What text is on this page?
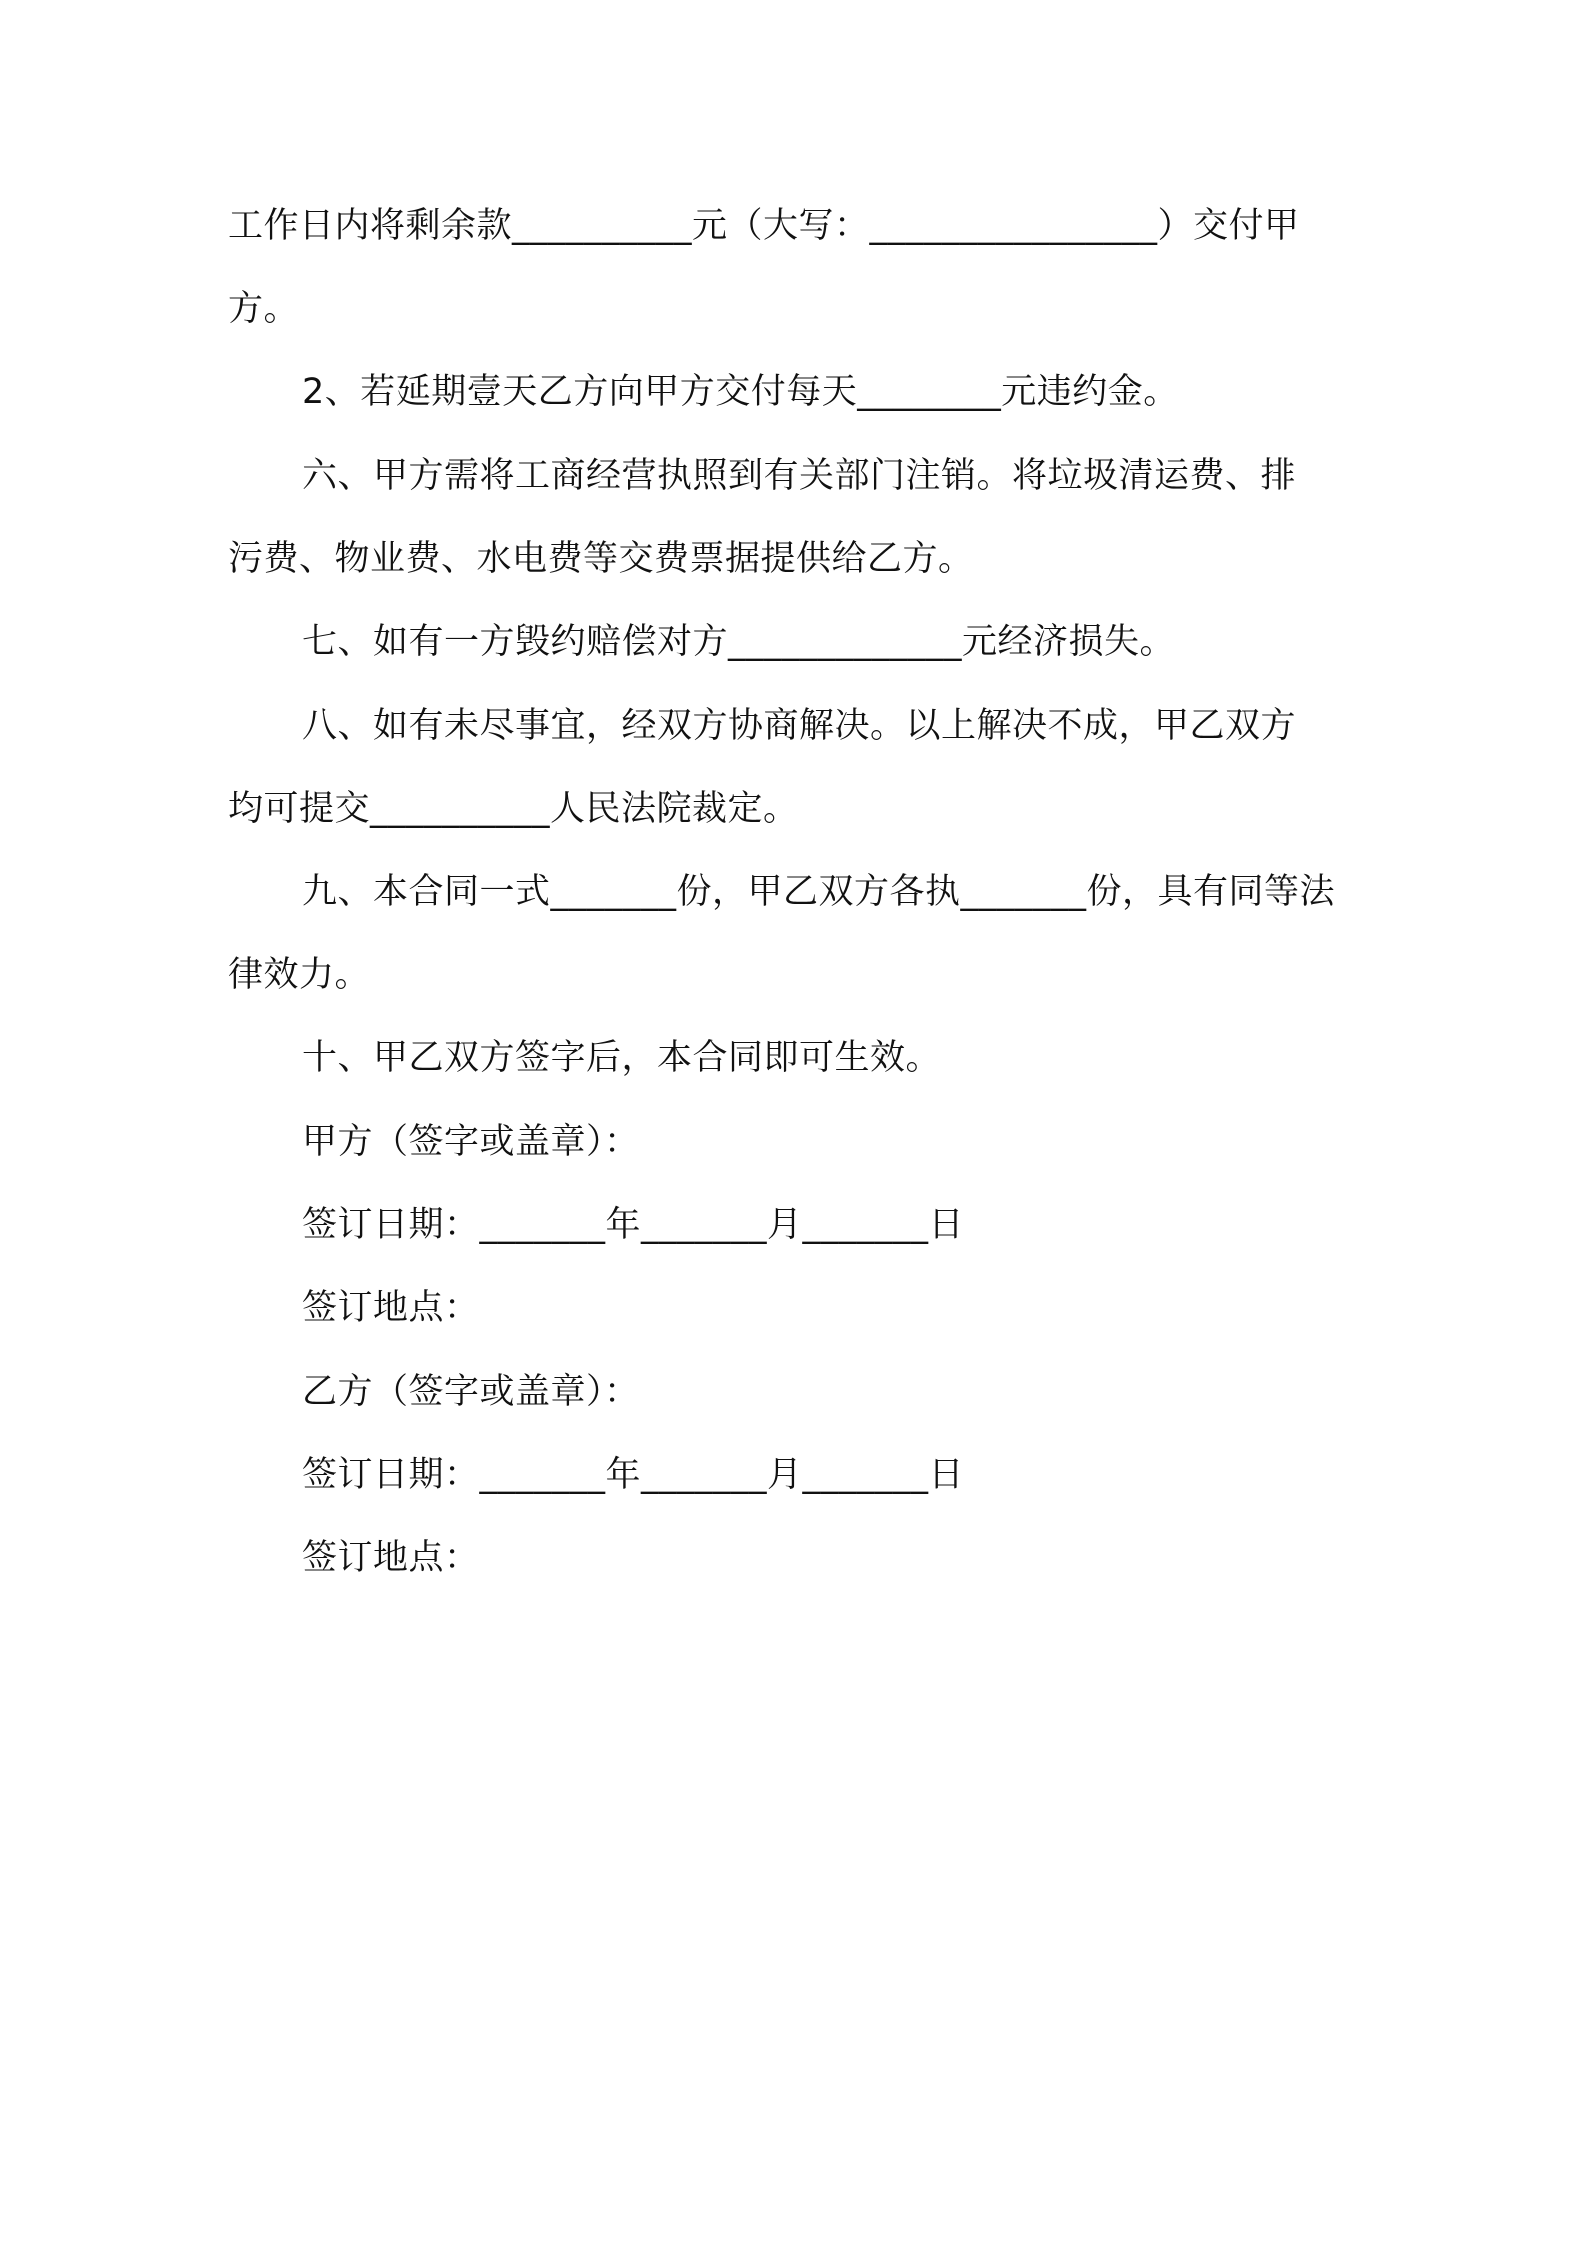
工作日内将剩余款__________元（大写：________________）交付甲
方。
2、若延期壹天乙方向甲方交付每天________元违约金。
六、甲方需将工商经营执照到有关部门注销。将垃圾清运费、排
污费、物业费、水电费等交费票据提供给乙方。
七、如有一方毁约赔偿对方_____________元经济损失。
八、如有未尽事宜，经双方协商解决。以上解决不成，甲乙双方
均可提交__________人民法院裁定。
九、本合同一式_______份，甲乙双方各执_______份，具有同等法
律效力。
十、甲乙双方签字后，本合同即可生效。
甲方（签字或盖章）：
签订日期：_______年_______月_______日
签订地点：
乙方（签字或盖章）：
签订日期：_______年_______月_______日
签订地点：
